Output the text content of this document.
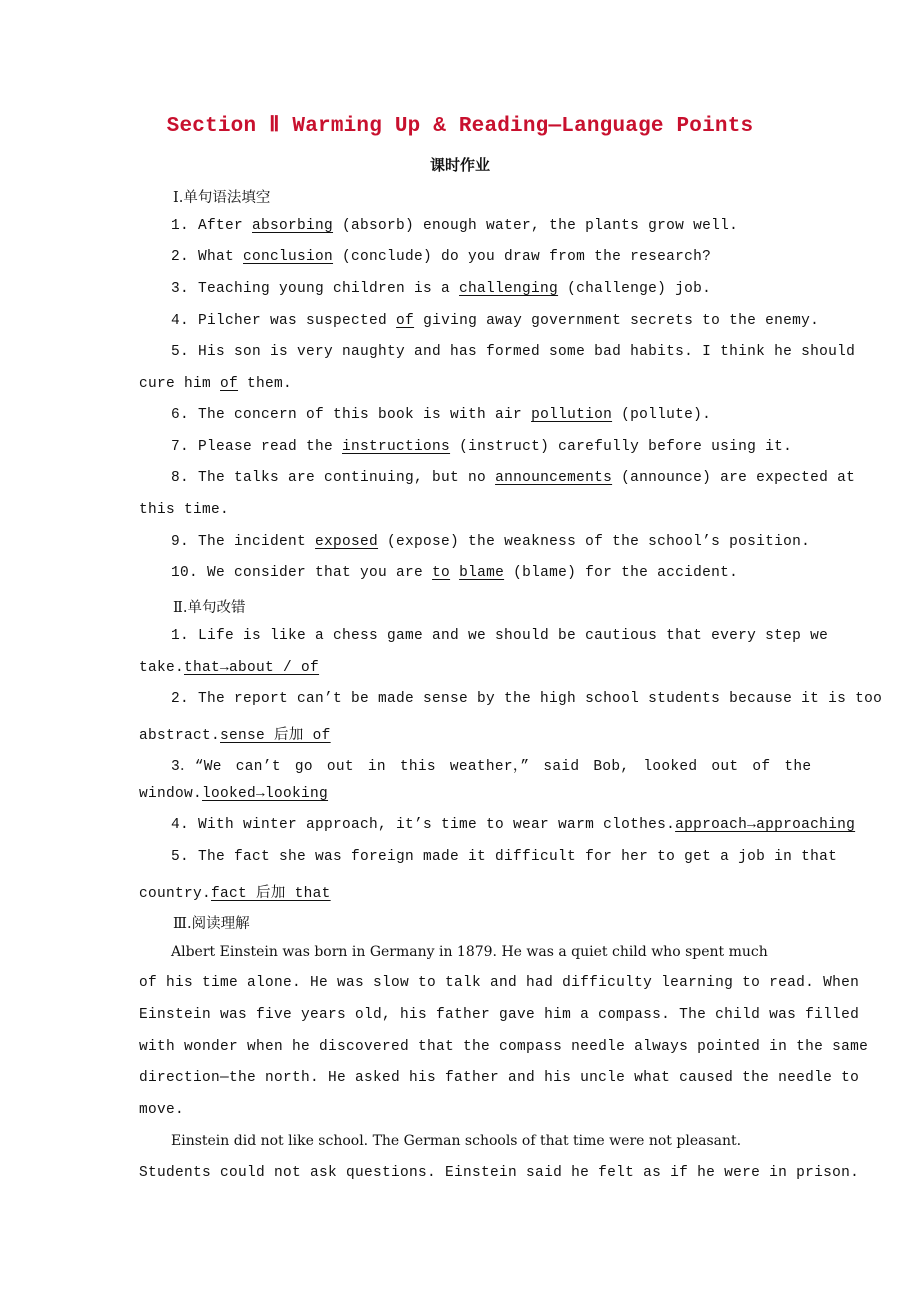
Section Ⅱ Warming Up & Reading—Language Points
课时作业
Ⅰ.单句语法填空
1. After absorbing (absorb) enough water, the plants grow well.
2. What conclusion (conclude) do you draw from the research?
3. Teaching young children is a challenging (challenge) job.
4. Pilcher was suspected of giving away government secrets to the enemy.
5. His son is very naughty and has formed some bad habits. I think he should
cure him of them.
6. The concern of this book is with air pollution (pollute).
7. Please read the instructions (instruct) carefully before using it.
8. The talks are continuing, but no announcements (announce) are expected at
this time.
9. The incident exposed (expose) the weakness of the school’s position.
10. We consider that you are to blame (blame) for the accident.
Ⅱ.单句改错
1. Life is like a chess game and we should be cautious that every step we
take.that→about / of
2. The report can’t be made sense by the high school students because it is too
abstract.sense 后加 of
3．“We can’t go out in this weather，” said Bob, looked out of the
window.looked→looking
4. With winter approach, it’s time to wear warm clothes.approach→approaching
5. The fact she was foreign made it difficult for her to get a job in that
country.fact 后加 that
Ⅲ.阅读理解
Albert Einstein was born in Germany in 1879. He was a quiet child who spent much
of his time alone. He was slow to talk and had difficulty learning to read. When
Einstein was five years old, his father gave him a compass. The child was filled
with wonder when he discovered that the compass needle always pointed in the same
direction—the north. He asked his father and his uncle what caused the needle to
move.
Einstein did not like school. The German schools of that time were not pleasant.
Students could not ask questions. Einstein said he felt as if he were in prison.
